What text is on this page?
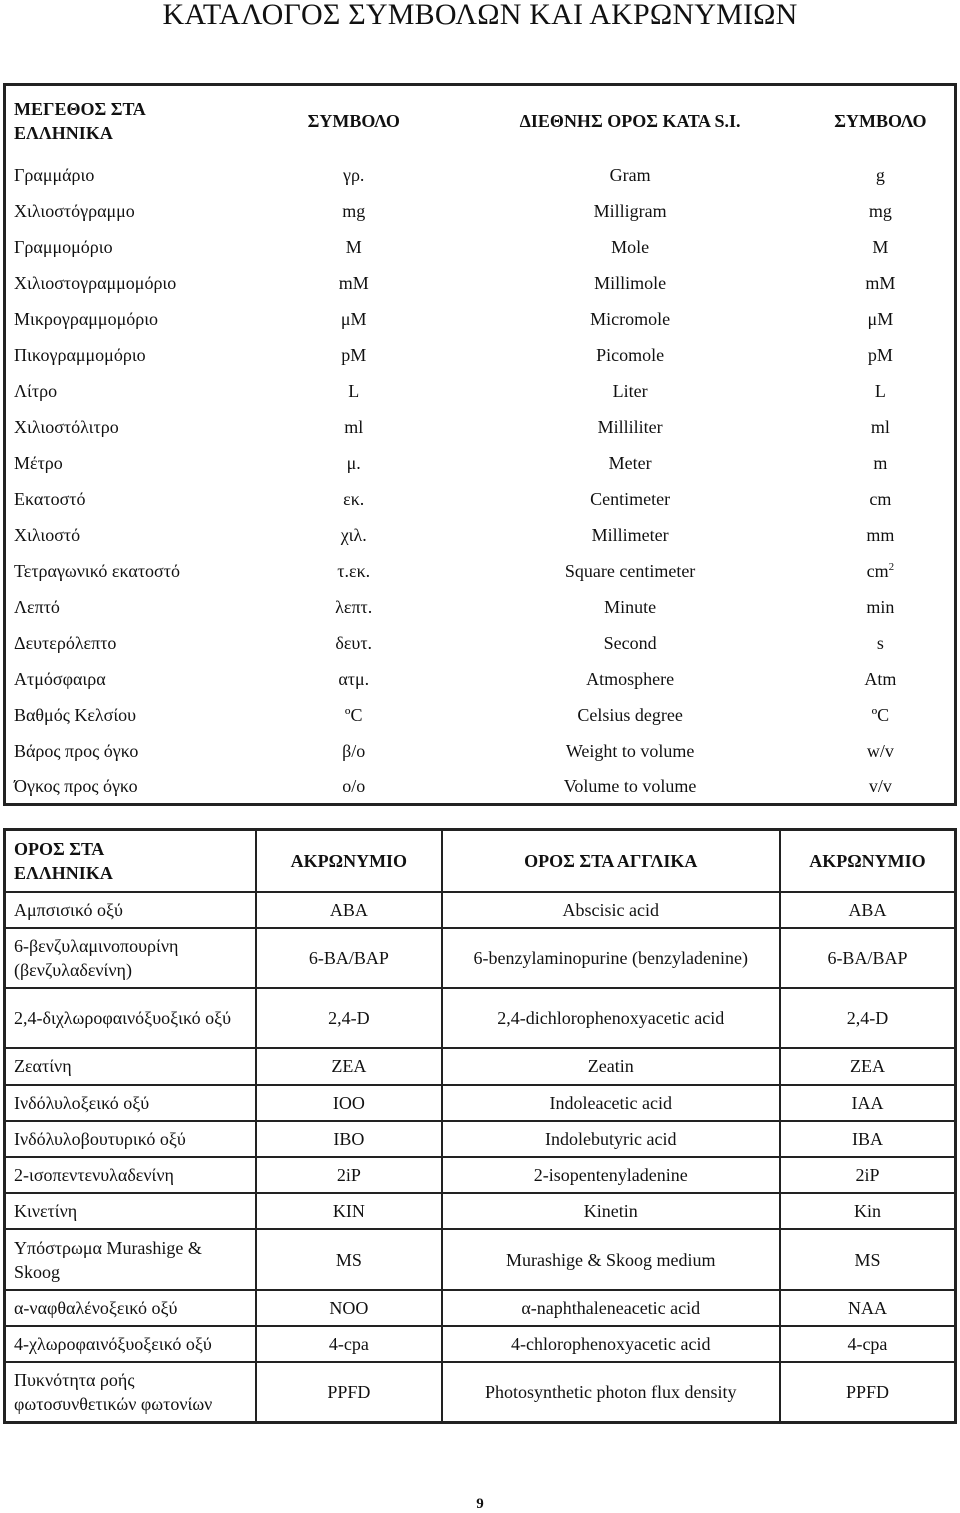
ΚΑΤΑΛΟΓΟΣ ΣΥΜΒΟΛΩΝ ΚΑΙ ΑΚΡΩΝΥΜΙΩΝ
ΜΕΓΕΘΟΣ ΣΤΑ ΕΛΛΗΝΙΚΑ	ΣΥΜΒΟΛΟ	ΔΙΕΘΝΗΣ ΟΡΟΣ ΚΑΤΑ S.I.	ΣΥΜΒΟΛΟ
Γραμμάριο	γρ.	Gram	g
Χιλιοστόγραμμο	mg	Milligram	mg
Γραμμομόριο	M	Mole	M
Χιλιοστογραμμομόριο	mM	Millimole	mM
Μικρογραμμομόριο	μM	Micromole	μM
Πικογραμμομόριο	pM	Picomole	pM
Λίτρο	L	Liter	L
Χιλιοστόλιτρο	ml	Milliliter	ml
Μέτρο	μ.	Meter	m
Εκατοστό	εκ.	Centimeter	cm
Χιλιοστό	χιλ.	Millimeter	mm
Τετραγωνικό εκατοστό	τ.εκ.	Square centimeter	$cm^2$
Λεπτό	λεπτ.	Minute	min
Δευτερόλεπτο	δευτ.	Second	s
Ατμόσφαιρα	ατμ.	Atmosphere	Atm
Βαθμός Κελσίου	ºC	Celsius degree	ºC
Βάρος προς όγκο	β/ο	Weight to volume	w/v
Όγκος προς όγκο	ο/ο	Volume to volume	v/v
ΟΡΟΣ ΣΤΑ ΕΛΛΗΝΙΚΑ	ΑΚΡΩΝΥΜΙΟ	ΟΡΟΣ ΣΤΑ ΑΓΓΛΙΚΑ	ΑΚΡΩΝΥΜΙΟ
Αμπσισικό οξύ	ΑΒΑ	Abscisic acid	ABA
6-βενζυλαμινοπουρίνη (βενζυλαδενίνη)	6-ΒΑ/ΒΑΡ	6-benzylaminopurine (benzyladenine)	6-BA/BAP
2,4-διχλωροφαινόξυοξικό οξύ	2,4-D	2,4-dichlorophenoxyacetic acid	2,4-D
Ζεατίνη	ΖΕΑ	Zeatin	ZEA
Ινδόλυλοξεικό οξύ	ΙΟΟ	Indoleacetic acid	IAA
Ινδόλυλοβουτυρικό οξύ	ΙΒΟ	Indolebutyric acid	IBA
2-ισοπεντενυλαδενίνη	2iP	2-isopentenyladenine	2iP
Κινετίνη	ΚΙΝ	Kinetin	Kin
Υπόστρωμα Murashige & Skoog	MS	Murashige & Skoog medium	MS
α-ναφθαλένοξεικό οξύ	ΝΟΟ	α-naphthaleneacetic acid	NAA
4-χλωροφαινόξυοξεικό οξύ	4-cpa	4-chlorophenoxyacetic acid	4-cpa
Πυκνότητα ροής φωτοσυνθετικών φωτονίων	PPFD	Photosynthetic photon flux density	PPFD
9
